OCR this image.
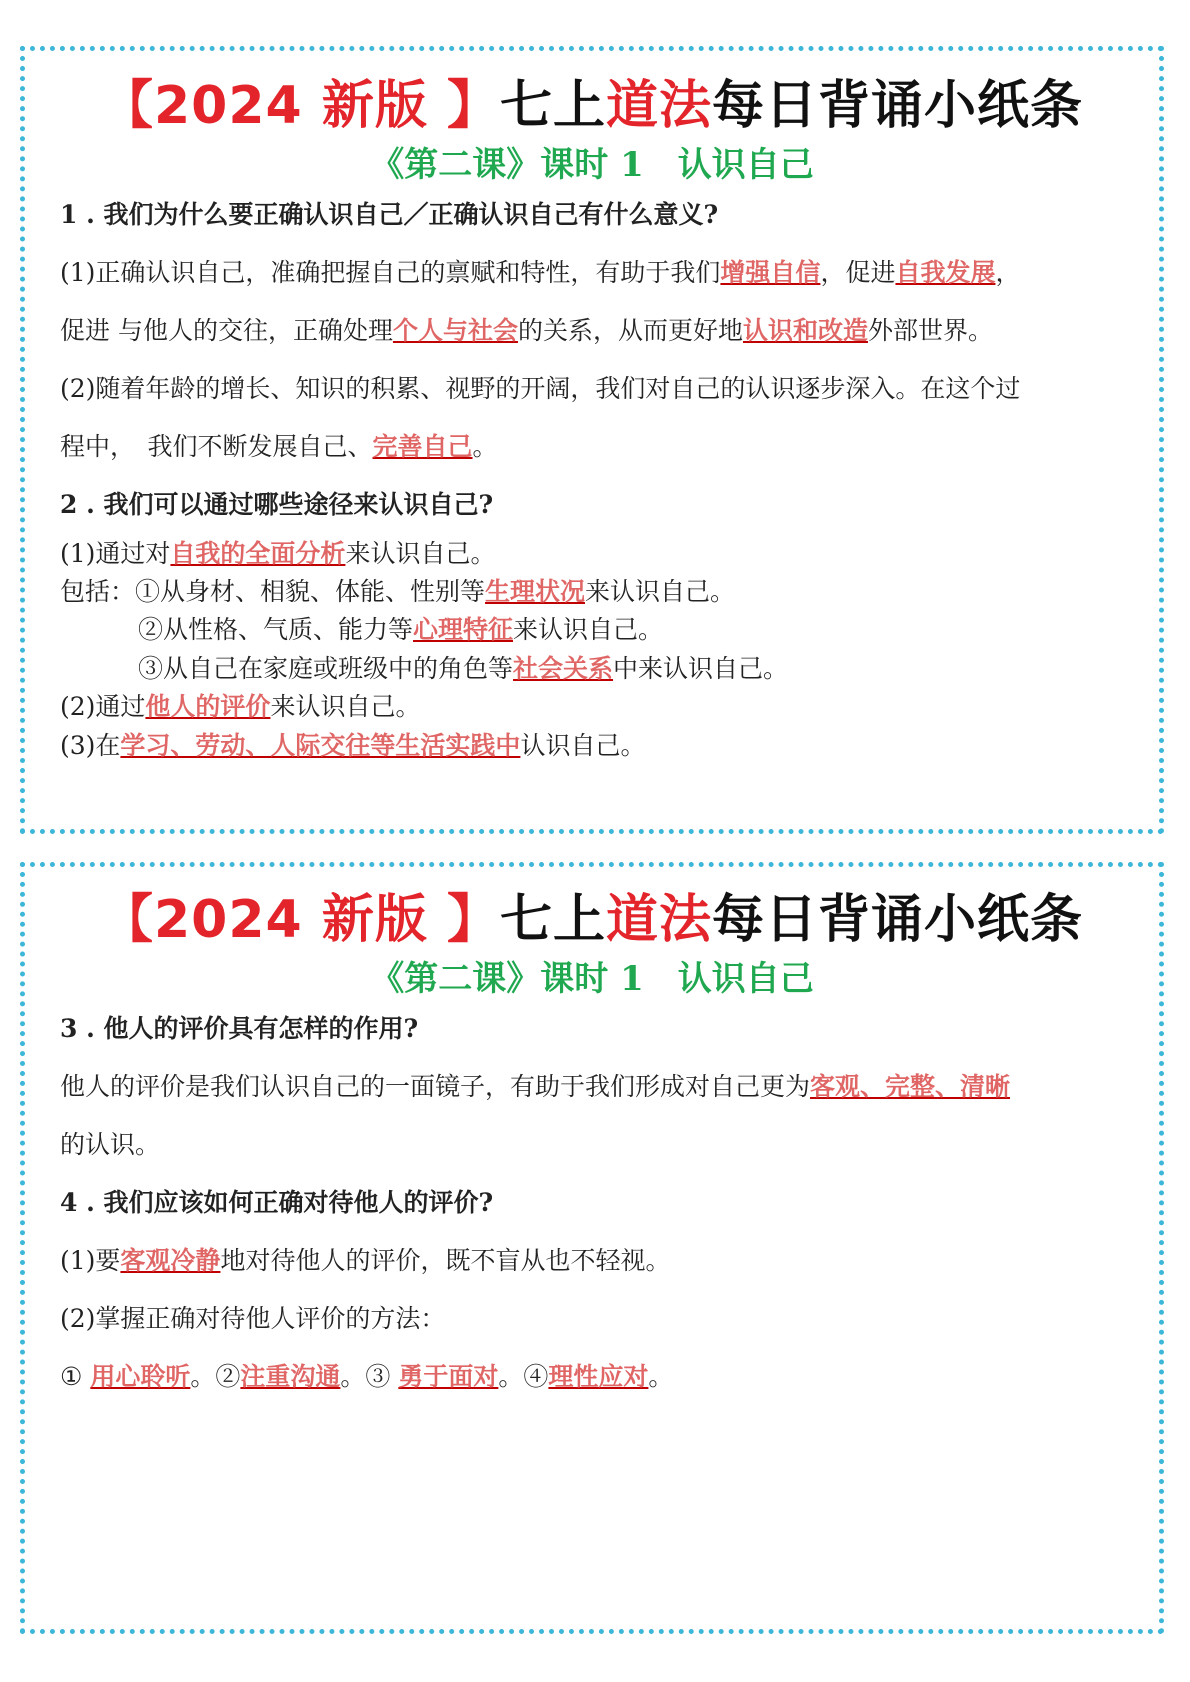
【2024 新版 】七上道法每日背诵小纸条
《第二课》课时 1　认识自己
1 . 我们为什么要正确认识自己／正确认识自己有什么意义?
(1)正确认识自己，准确把握自己的禀赋和特性，有助于我们增强自信，促进自我发展，
促进 与他人的交往，正确处理个人与社会的关系，从而更好地认识和改造外部世界。
(2)随着年龄的增长、知识的积累、视野的开阔，我们对自己的认识逐步深入。在这个过
程中，　我们不断发展自己、完善自己。
2 . 我们可以通过哪些途径来认识自己?
(1)通过对自我的全面分析来认识自己。
包括：①从身材、相貌、体能、性别等生理状况来认识自己。
②从性格、气质、能力等心理特征来认识自己。
③从自己在家庭或班级中的角色等社会关系中来认识自己。
(2)通过他人的评价来认识自己。
(3)在学习、劳动、人际交往等生活实践中认识自己。
【2024 新版 】七上道法每日背诵小纸条
《第二课》课时 1　认识自己
3 . 他人的评价具有怎样的作用?
他人的评价是我们认识自己的一面镜子，有助于我们形成对自己更为客观、完整、清晰
的认识。
4 . 我们应该如何正确对待他人的评价?
(1)要客观冷静地对待他人的评价，既不盲从也不轻视。
(2)掌握正确对待他人评价的方法：
① 用心聆听。②注重沟通。③ 勇于面对。④理性应对。
